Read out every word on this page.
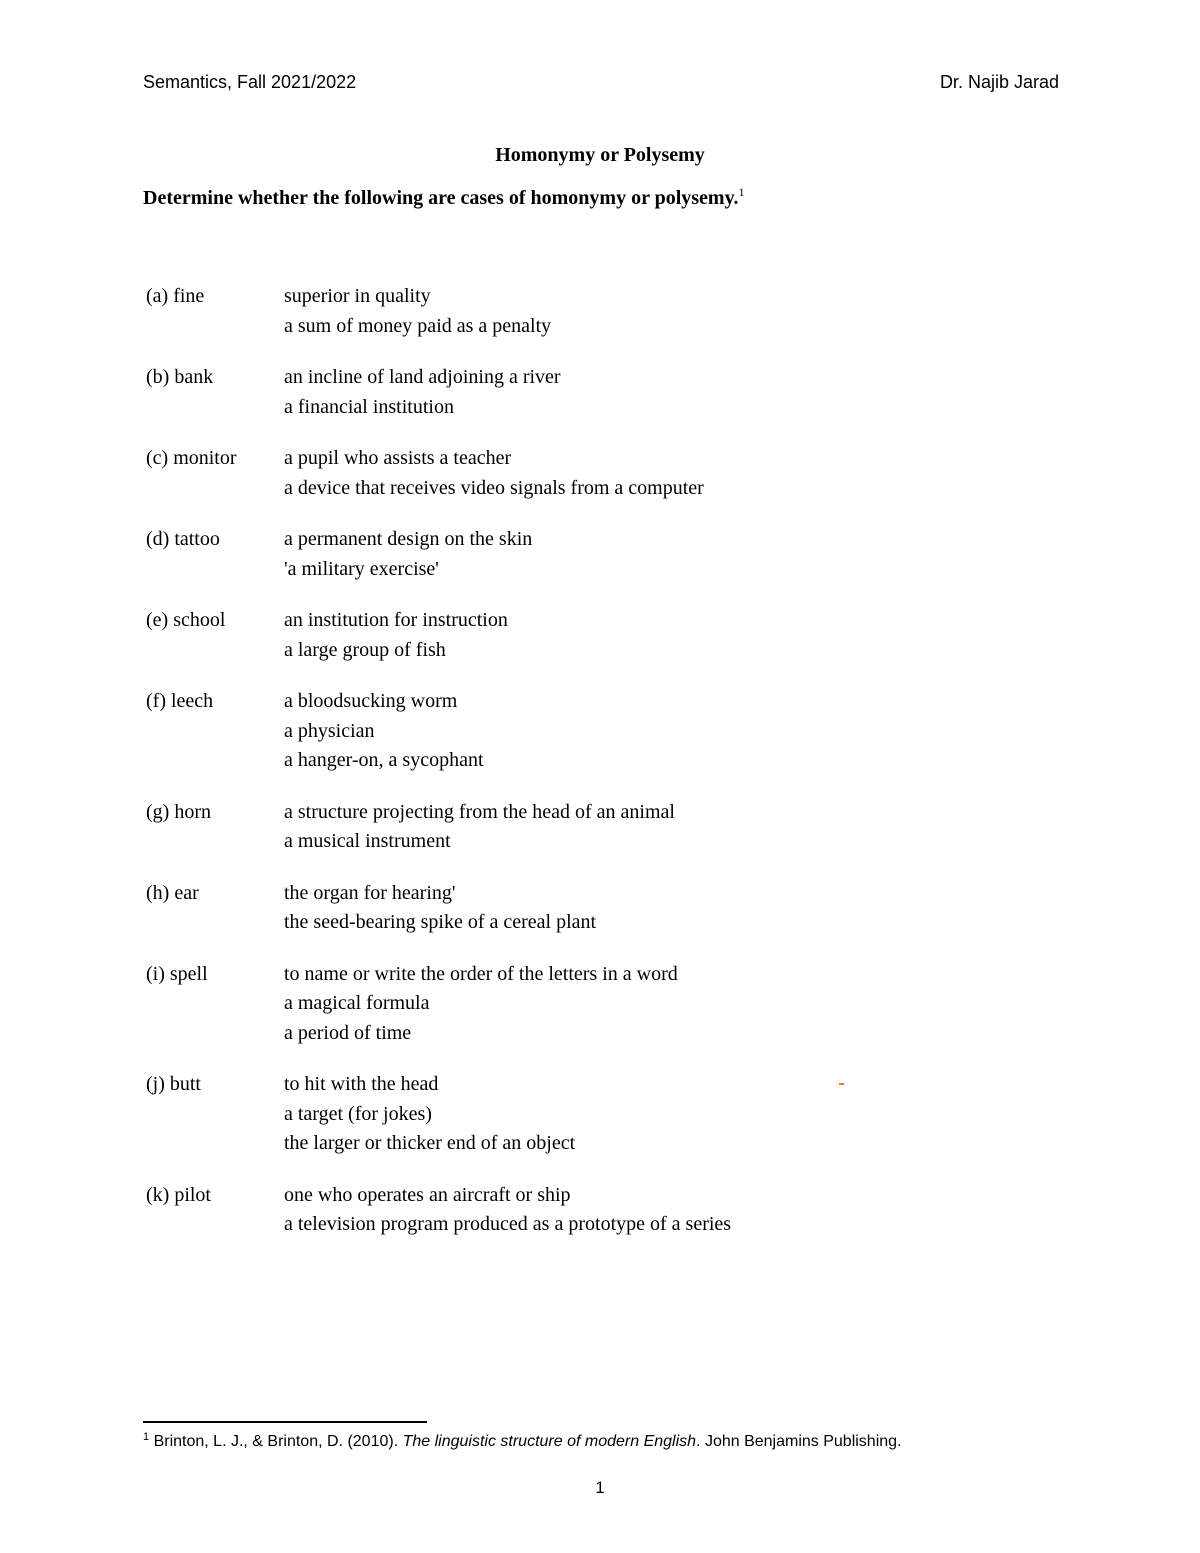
Semantics, Fall 2021/2022	Dr. Najib Jarad
Homonymy or Polysemy
Determine whether the following are cases of homonymy or polysemy.$^1$
(a) fine	superior in quality
a sum of money paid as a penalty
(b) bank	an incline of land adjoining a river
a financial institution
(c) monitor	a pupil who assists a teacher
a device that receives video signals from a computer
(d) tattoo	a permanent design on the skin
'a military exercise'
(e) school	an institution for instruction
a large group of fish
(f) leech	a bloodsucking worm
a physician
a hanger-on, a sycophant
(g) horn	a structure projecting from the head of an animal
a musical instrument
(h) ear	the organ for hearing'
the seed-bearing spike of a cereal plant
(i) spell	to name or write the order of the letters in a word
a magical formula
a period of time
(j) butt	to hit with the head
a target (for jokes)
the larger or thicker end of an object
(k) pilot	one who operates an aircraft or ship
a television program produced as a prototype of a series
$^1$ Brinton, L. J., & Brinton, D. (2010). The linguistic structure of modern English. John Benjamins Publishing.
1
